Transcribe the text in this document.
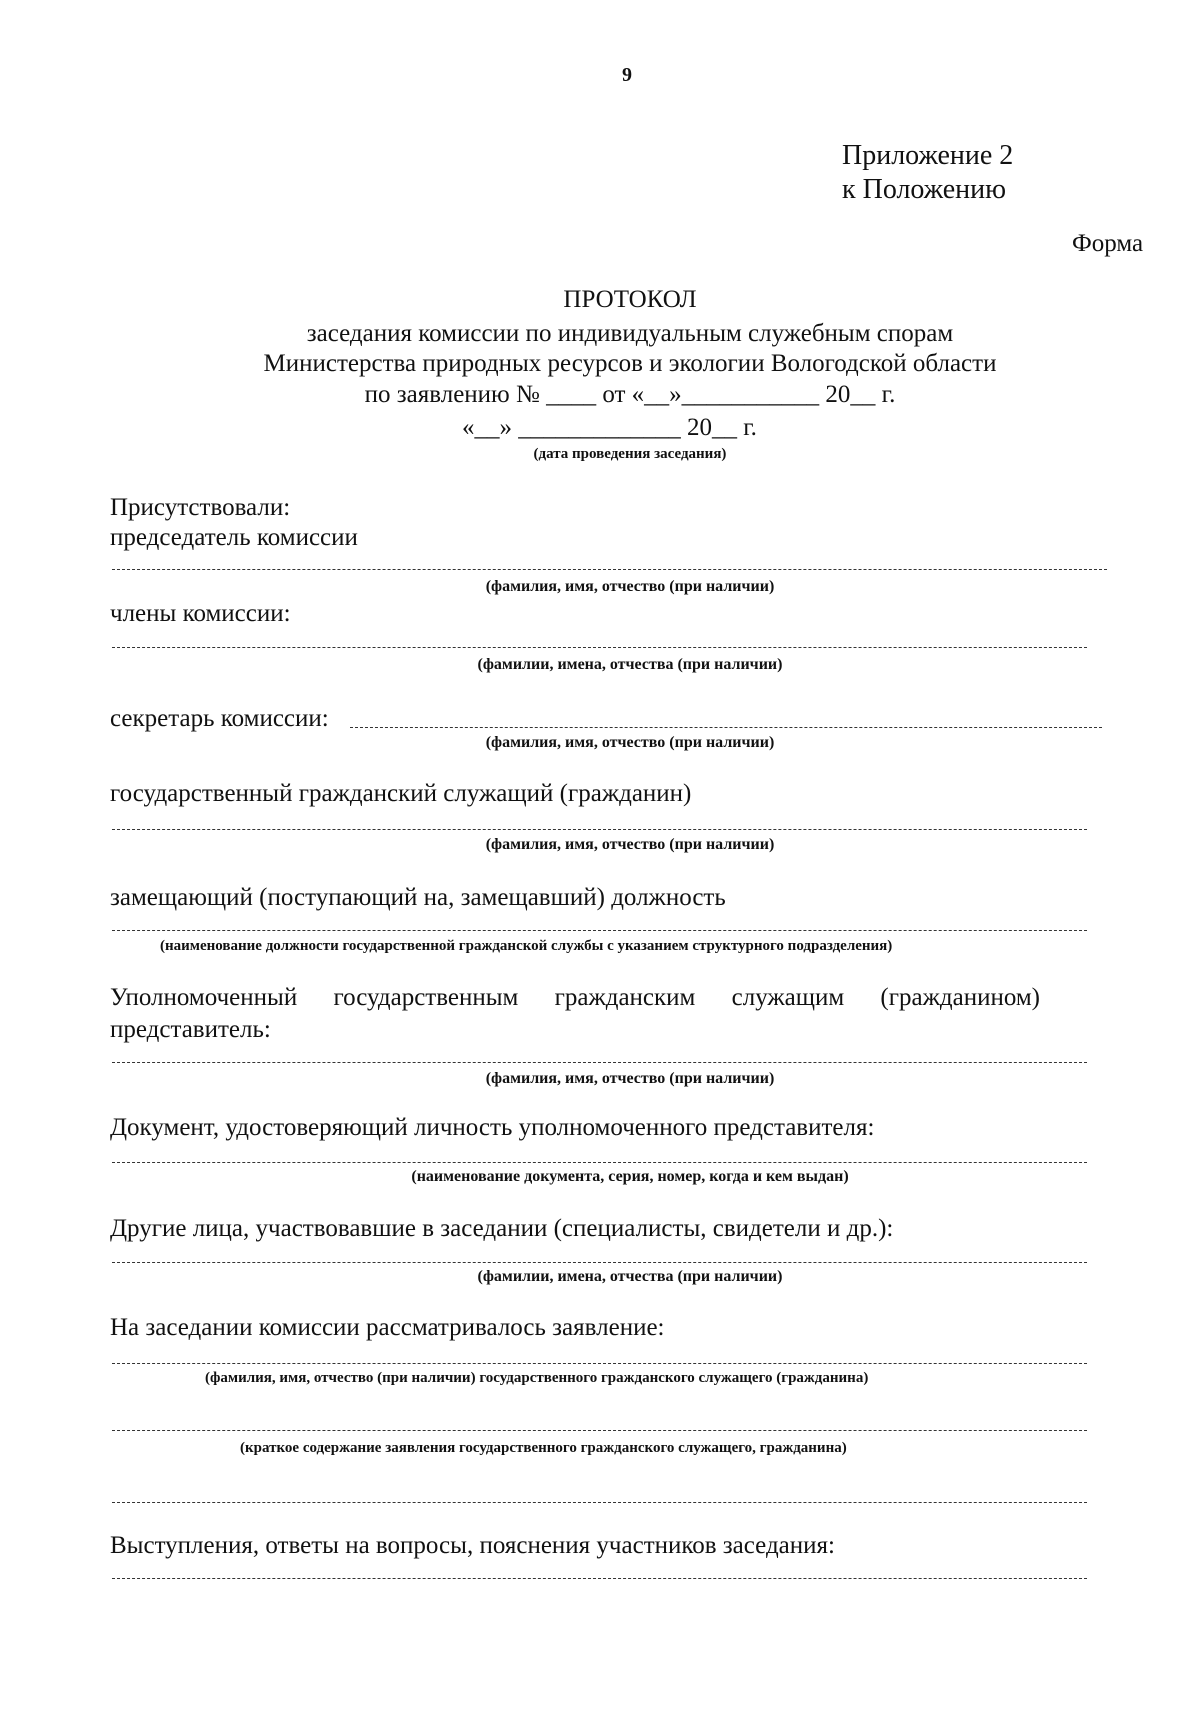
9
Приложение 2
к Положению
Форма
ПРОТОКОЛ
заседания комиссии по индивидуальным служебным спорам
Министерства природных ресурсов и экологии Вологодской области
по заявлению № ____ от «__»___________ 20__ г.
«__» _____________ 20__ г.
(дата проведения заседания)
Присутствовали:
председатель комиссии
(фамилия, имя, отчество (при наличии)
члены комиссии:
(фамилии, имена, отчества (при наличии)
секретарь комиссии:
(фамилия, имя, отчество (при наличии)
государственный гражданский служащий (гражданин)
(фамилия, имя, отчество (при наличии)
замещающий (поступающий на, замещавший) должность
(наименование должности государственной гражданской службы с указанием структурного подразделения)
Уполномоченный государственным гражданским служащим (гражданином)
представитель:
(фамилия, имя, отчество (при наличии)
Документ, удостоверяющий личность уполномоченного представителя:
(наименование документа, серия, номер, когда и кем выдан)
Другие лица, участвовавшие в заседании (специалисты, свидетели и др.):
(фамилии, имена, отчества (при наличии)
На заседании комиссии рассматривалось заявление:
(фамилия, имя, отчество (при наличии) государственного гражданского служащего (гражданина)
(краткое содержание заявления государственного гражданского служащего, гражданина)
Выступления, ответы на вопросы, пояснения участников заседания:
